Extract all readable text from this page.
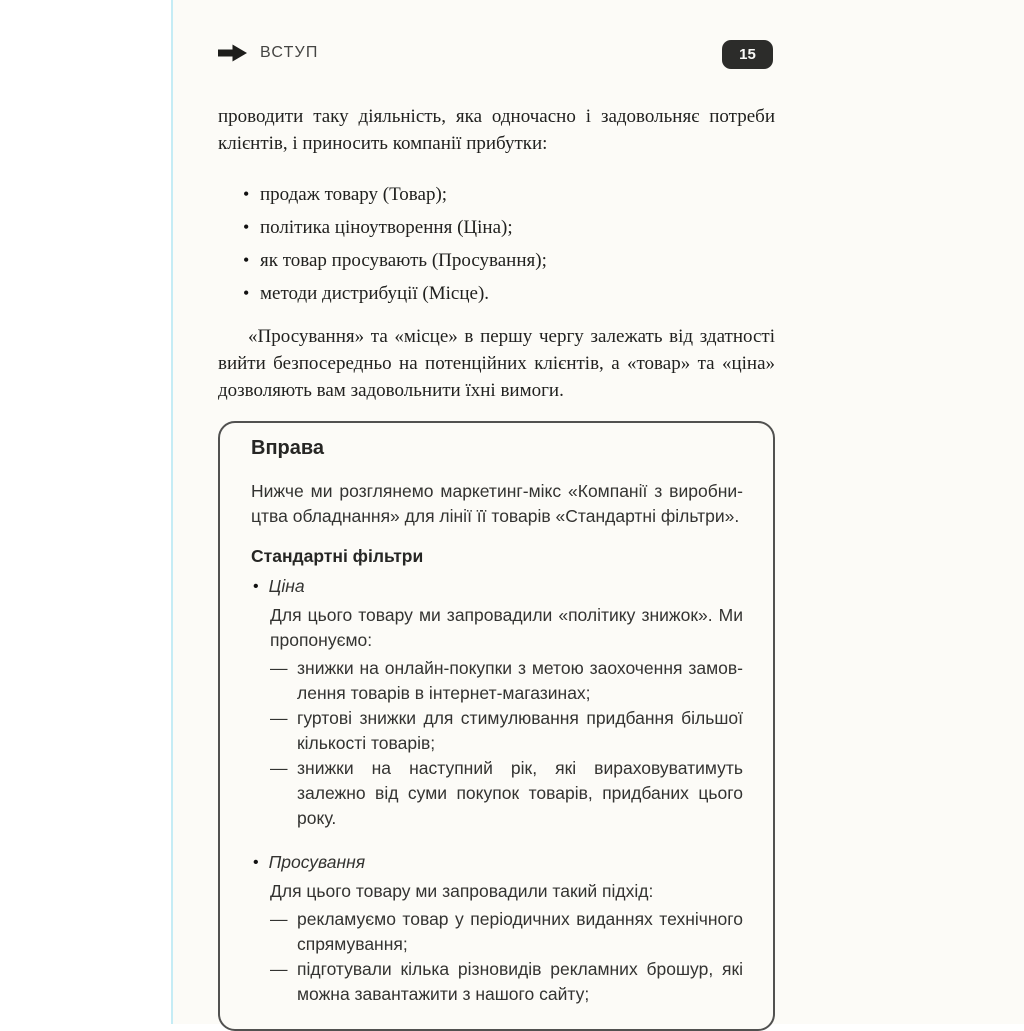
ВСТУП	15

проводити таку діяльність, яка одночасно і задовольняє потреби клієнтів, і приносить компанії прибутки:

• продаж товару (Товар);
• політика ціноутворення (Ціна);
• як товар просувають (Просування);
• методи дистрибуції (Місце).

«Просування» та «місце» в першу чергу залежать від здатності вийти безпосередньо на потенційних клієнтів, а «товар» та «ціна» дозволяють вам задовольнити їхні вимоги.

Вправа

Нижче ми розглянемо маркетинг-мікс «Компанії з виробництва обладнання» для лінії її товарів «Стандартні фільтри».

Стандартні фільтри

• Ціна

Для цього товару ми запровадили «політику знижок». Ми пропонуємо:

— знижки на онлайн-покупки з метою заохочення замовлення товарів в інтернет-магазинах;
— гуртові знижки для стимулювання придбання більшої кількості товарів;
— знижки на наступний рік, які вираховуватимуть залежно від суми покупок товарів, придбаних цього року.
• Просування

Для цього товару ми запровадили такий підхід:

— рекламуємо товар у періодичних виданнях технічного спрямування;
— підготували кілька різновидів рекламних брошур, які можна завантажити з нашого сайту;
